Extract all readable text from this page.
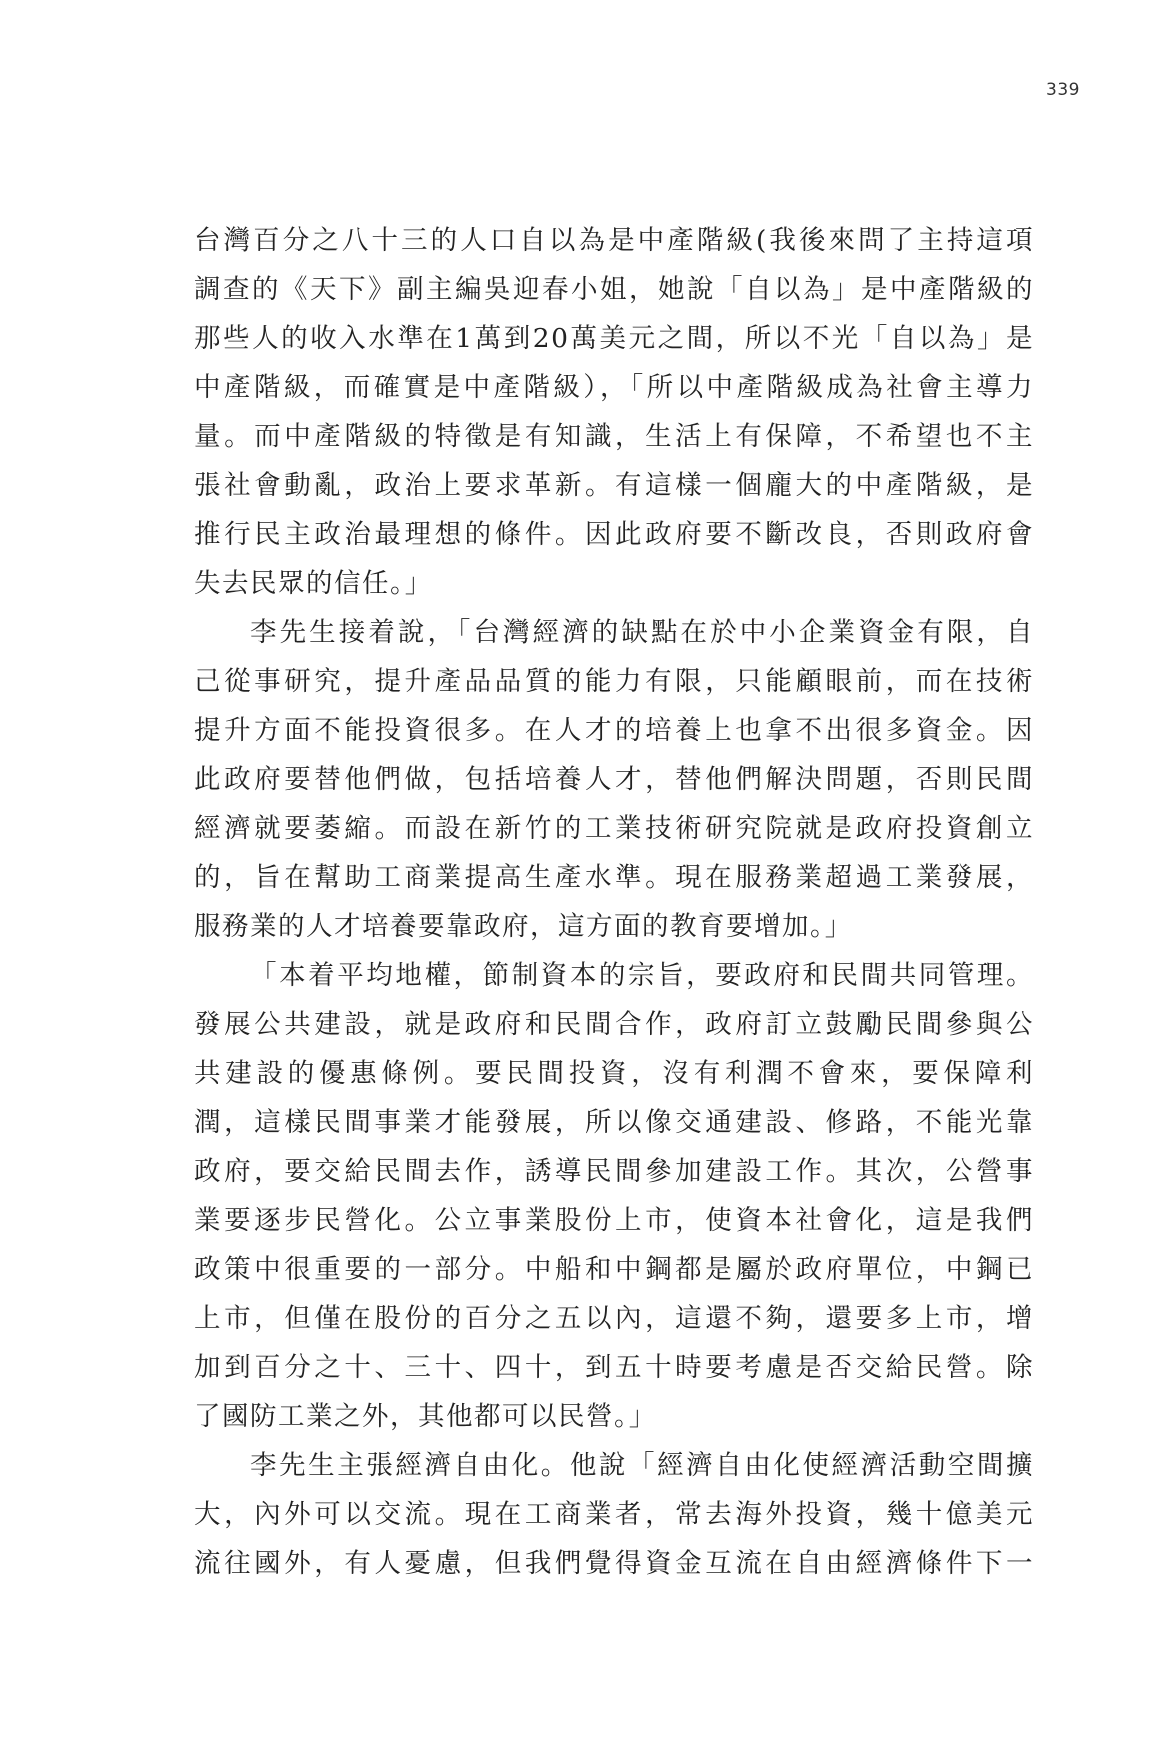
339
台灣百分之八十三的人口自以為是中產階級(我後來問了主持這項
調查的《天下》副主編吳迎春小姐，她說「自以為」是中產階級的
那些人的收入水準在1萬到20萬美元之間，所以不光「自以為」是
中產階級，而確實是中產階級），「所以中產階級成為社會主導力
量。而中產階級的特徵是有知識，生活上有保障，不希望也不主
張社會動亂，政治上要求革新。有這樣一個龐大的中產階級，是
推行民主政治最理想的條件。因此政府要不斷改良，否則政府會
失去民眾的信任。」
李先生接着說，「台灣經濟的缺點在於中小企業資金有限，自
己從事研究，提升產品品質的能力有限，只能顧眼前，而在技術
提升方面不能投資很多。在人才的培養上也拿不出很多資金。因
此政府要替他們做，包括培養人才，替他們解決問題，否則民間
經濟就要萎縮。而設在新竹的工業技術研究院就是政府投資創立
的，旨在幫助工商業提高生產水準。現在服務業超過工業發展，
服務業的人才培養要靠政府，這方面的教育要增加。」
「本着平均地權，節制資本的宗旨，要政府和民間共同管理。
發展公共建設，就是政府和民間合作，政府訂立鼓勵民間參與公
共建設的優惠條例。要民間投資，沒有利潤不會來，要保障利
潤，這樣民間事業才能發展，所以像交通建設、修路，不能光靠
政府，要交給民間去作，誘導民間參加建設工作。其次，公營事
業要逐步民營化。公立事業股份上市，使資本社會化，這是我們
政策中很重要的一部分。中船和中鋼都是屬於政府單位，中鋼已
上市，但僅在股份的百分之五以內，這還不夠，還要多上市，增
加到百分之十、三十、四十，到五十時要考慮是否交給民營。除
了國防工業之外，其他都可以民營。」
李先生主張經濟自由化。他說「經濟自由化使經濟活動空間擴
大，內外可以交流。現在工商業者，常去海外投資，幾十億美元
流往國外，有人憂慮，但我們覺得資金互流在自由經濟條件下一
